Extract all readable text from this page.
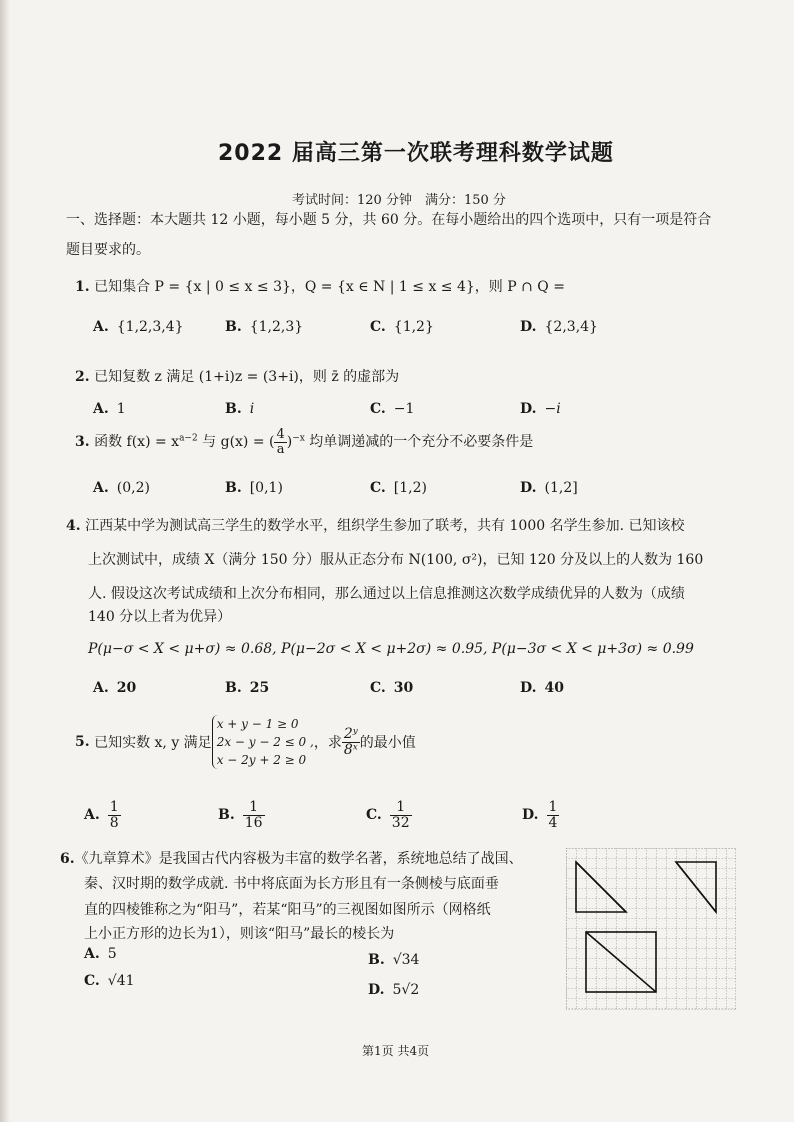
2022 届高三第一次联考理科数学试题
考试时间：120 分钟　满分：150 分
一、选择题：本大题共 12 小题，每小题 5 分，共 60 分。在每小题给出的四个选项中，只有一项是符合
题目要求的。
1. 已知集合 P = {x | 0 ≤ x ≤ 3}，Q = {x ∈ N | 1 ≤ x ≤ 4}，则 P ∩ Q =
A. {1,2,3,4}	B. {1,2,3}	C. {1,2}	D. {2,3,4}
2. 已知复数 z 满足 (1+i)z = (3+i)，则 z̄ 的虚部为
A. 1	B. i	C. −1	D. −i
3. 函数 $f(x) = x^{a-2}$ 与 g(x) = ( $\frac{4}{a} )^{-x}$ 均单调递减的一个充分不必要条件是
A. (0,2)	B. [0,1)	C. [1,2)	D. (1,2]
4. 江西某中学为测试高三学生的数学水平，组织学生参加了联考，共有 1000 名学生参加. 已知该校
上次测试中，成绩 X（满分 150 分）服从正态分布 N(100, σ²)，已知 120 分及以上的人数为 160
人. 假设这次考试成绩和上次分布相同，那么通过以上信息推测这次数学成绩优异的人数为（成绩
140 分以上者为优异）
P(μ−σ < X < μ+σ) ≈ 0.68, P(μ−2σ < X < μ+2σ) ≈ 0.95, P(μ−3σ < X < μ+3σ) ≈ 0.99
A. 20	B. 25	C. 30	D. 40
5.
已知实数 x, y 满足
x + y − 1 ≥ 0
2x − y − 2 ≤ 0 ,
x − 2y + 2 ≥ 0
，求 $\frac{\text{2ʸ}}{\text{8ˣ}}$ 的最小值
A. $\frac{1}{8}$	B. $\frac{1}{16}$	C. $\frac{1}{32}$	D. $\frac{1}{4}$
6.《九章算术》是我国古代内容极为丰富的数学名著，系统地总结了战国、
秦、汉时期的数学成就. 书中将底面为长方形且有一条侧棱与底面垂
直的四棱锥称之为“阳马”，若某“阳马”的三视图如图所示（网格纸
上小正方形的边长为1），则该“阳马”最长的棱长为
A. 5	B. √34
C. √41
D. 5√2
第1页 共4页
